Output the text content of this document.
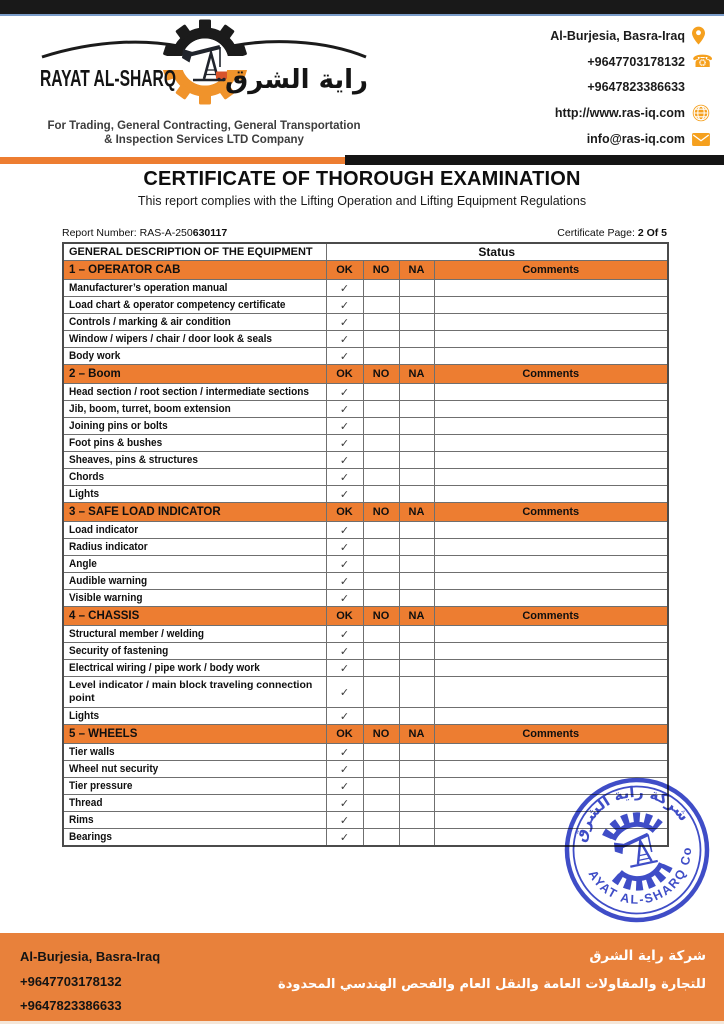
RAYAT AL-SHARQ راية الشرق
For Trading, General Contracting, General Transportation
& Inspection Services LTD Company
Al-Burjesia, Basra-Iraq
+9647703178132 ☎
+9647823386633
http://www.ras-iq.com
info@ras-iq.com
CERTIFICATE OF THOROUGH EXAMINATION
This report complies with the Lifting Operation and Lifting Equipment Regulations
Report Number: RAS-A-250630117	Certificate Page: 2 Of 5
GENERAL DESCRIPTION OF THE EQUIPMENT	Status			
1 – OPERATOR CAB	OK	NO	NA	Comments
Manufacturer’s operation manual	✓			
Load chart & operator competency certificate	✓			
Controls / marking & air condition	✓			
Window / wipers / chair / door look & seals	✓			
Body work	✓			
2 – Boom	OK	NO	NA	Comments
Head section / root section / intermediate sections	✓			
Jib, boom, turret, boom extension	✓			
Joining pins or bolts	✓			
Foot pins & bushes	✓			
Sheaves, pins & structures	✓			
Chords	✓			
Lights	✓			
3 – SAFE LOAD INDICATOR	OK	NO	NA	Comments
Load indicator	✓			
Radius indicator	✓			
Angle	✓			
Audible warning	✓			
Visible warning	✓			
4 – CHASSIS	OK	NO	NA	Comments
Structural member / welding	✓			
Security of fastening	✓			
Electrical wiring / pipe work / body work	✓			
Level indicator / main block traveling connection point	✓			
Lights	✓			
5 – WHEELS	OK	NO	NA	Comments
Tier walls	✓			
Wheel nut security	✓			
Tier pressure	✓			
Thread	✓			
Rims	✓			
Bearings	✓				شركة راية الشرق
RAYAT AL-SHARQ Co.
Al-Burjesia, Basra-Iraq
+9647703178132
+9647823386633
شركة راية الشرق
للتجارة والمقاولات العامة والنقل العام والفحص الهندسي المحدودة
